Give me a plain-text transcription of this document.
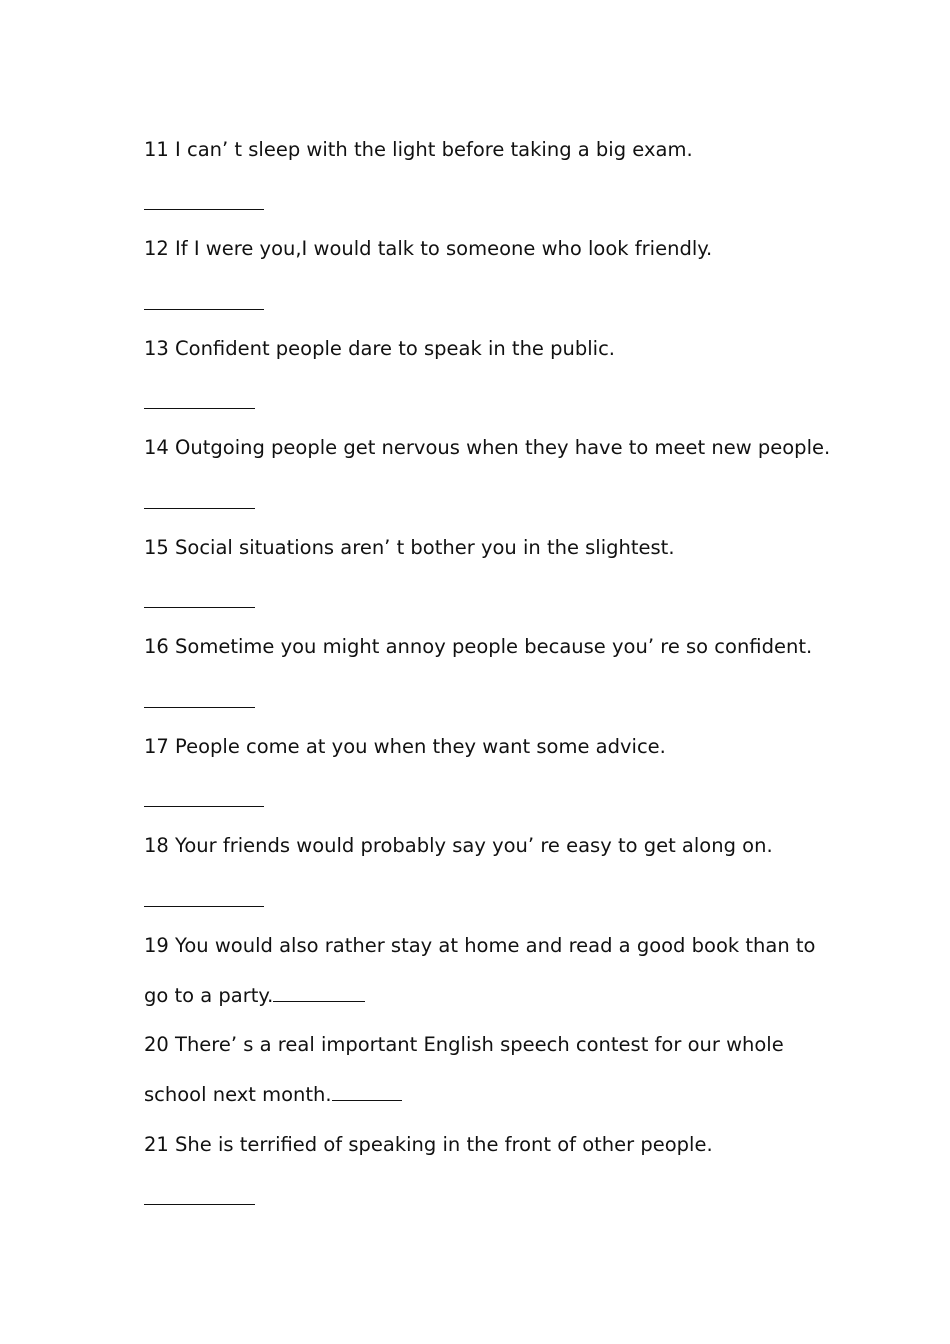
11 I can’ t sleep with the light before taking a big exam.
12 If I were you,I would talk to someone who look friendly.
13 Confident people dare to speak in the public.
14 Outgoing people get nervous when they have to meet new people.
15 Social situations aren’ t bother you in the slightest.
16 Sometime you might annoy people because you’ re so confident.
17 People come at you when they want some advice.
18 Your friends would probably say you’ re easy to get along on.
19 You would also rather stay at home and read a good book than to
go to a party.
20 There’ s a real important English speech contest for our whole
school next month.
21 She is terrified of speaking in the front of other people.
